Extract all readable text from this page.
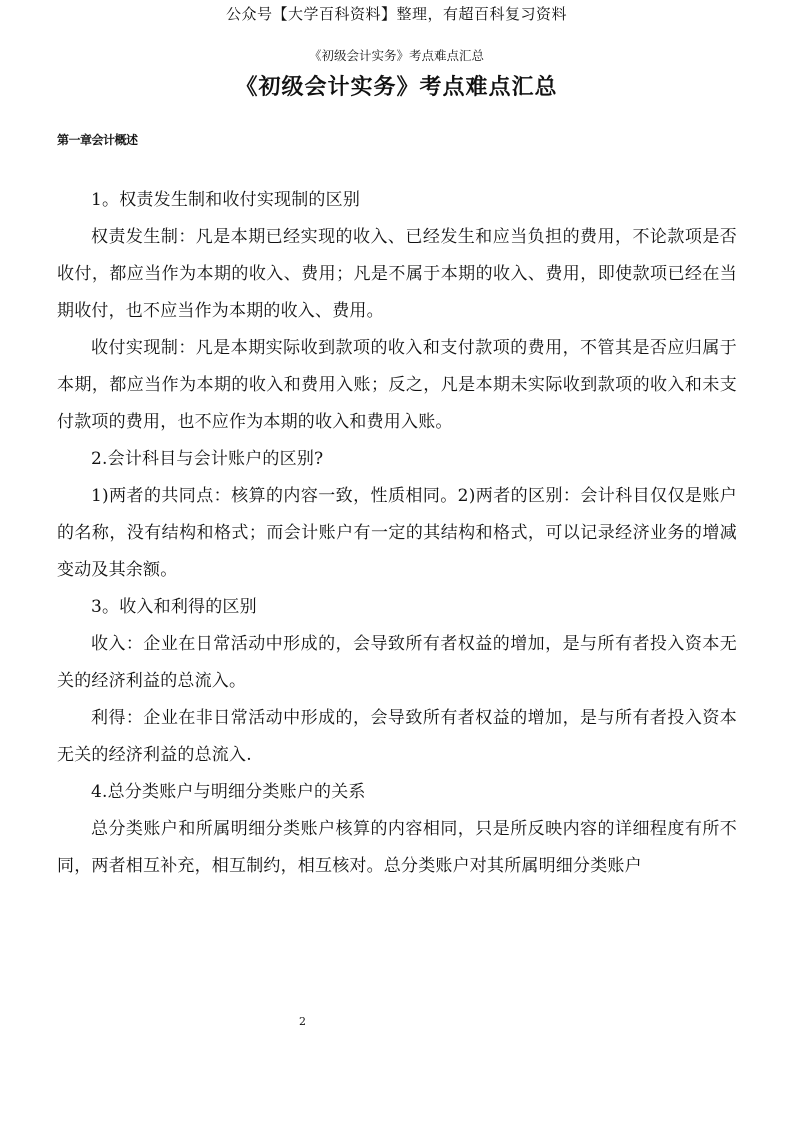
公众号【大学百科资料】整理，有超百科复习资料
《初级会计实务》考点难点汇总
《初级会计实务》考点难点汇总
第一章会计概述

1。权责发生制和收付实现制的区别

权责发生制：凡是本期已经实现的收入、已经发生和应当负担的费用，不论款项是否收付，都应当作为本期的收入、费用；凡是不属于本期的收入、费用，即使款项已经在当期收付，也不应当作为本期的收入、费用。

收付实现制：凡是本期实际收到款项的收入和支付款项的费用，不管其是否应归属于本期，都应当作为本期的收入和费用入账；反之，凡是本期未实际收到款项的收入和未支付款项的费用，也不应作为本期的收入和费用入账。

2.会计科目与会计账户的区别?

1)两者的共同点：核算的内容一致，性质相同。2)两者的区别：会计科目仅仅是账户的名称，没有结构和格式；而会计账户有一定的其结构和格式，可以记录经济业务的增减变动及其余额。

3。收入和利得的区别

收入：企业在日常活动中形成的，会导致所有者权益的增加，是与所有者投入资本无关的经济利益的总流入。

利得：企业在非日常活动中形成的，会导致所有者权益的增加，是与所有者投入资本无关的经济利益的总流入.

4.总分类账户与明细分类账户的关系

总分类账户和所属明细分类账户核算的内容相同，只是所反映内容的详细程度有所不同，两者相互补充，相互制约，相互核对。总分类账户对其所属明细分类账户

2
